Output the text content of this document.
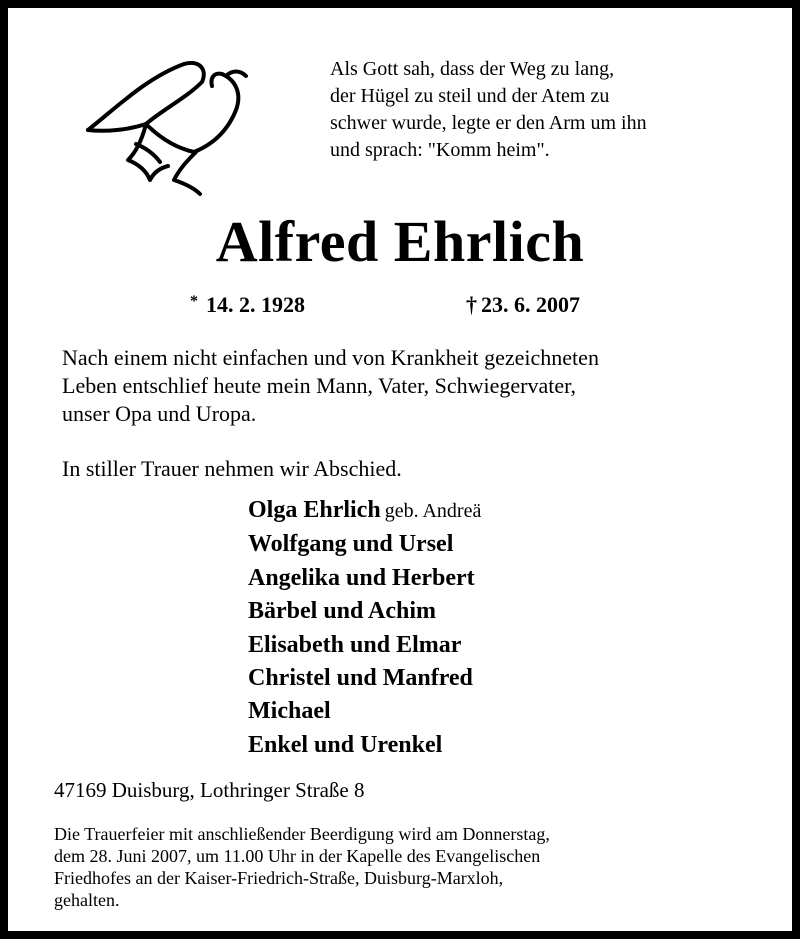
Als Gott sah, dass der Weg zu lang,
der Hügel zu steil und der Atem zu
schwer wurde, legte er den Arm um ihn
und sprach: "Komm heim".
Alfred Ehrlich
* 14. 2. 1928	† 23. 6. 2007
Nach einem nicht einfachen und von Krankheit gezeichneten
Leben entschlief heute mein Mann, Vater, Schwiegervater,
unser Opa und Uropa.
In stiller Trauer nehmen wir Abschied.
Olga Ehrlich geb. Andreä
Wolfgang und Ursel
Angelika und Herbert
Bärbel und Achim
Elisabeth und Elmar
Christel und Manfred
Michael
Enkel und Urenkel
47169 Duisburg, Lothringer Straße 8
Die Trauerfeier mit anschließender Beerdigung wird am Donnerstag,
dem 28. Juni 2007, um 11.00 Uhr in der Kapelle des Evangelischen
Friedhofes an der Kaiser-Friedrich-Straße, Duisburg-Marxloh,
gehalten.
